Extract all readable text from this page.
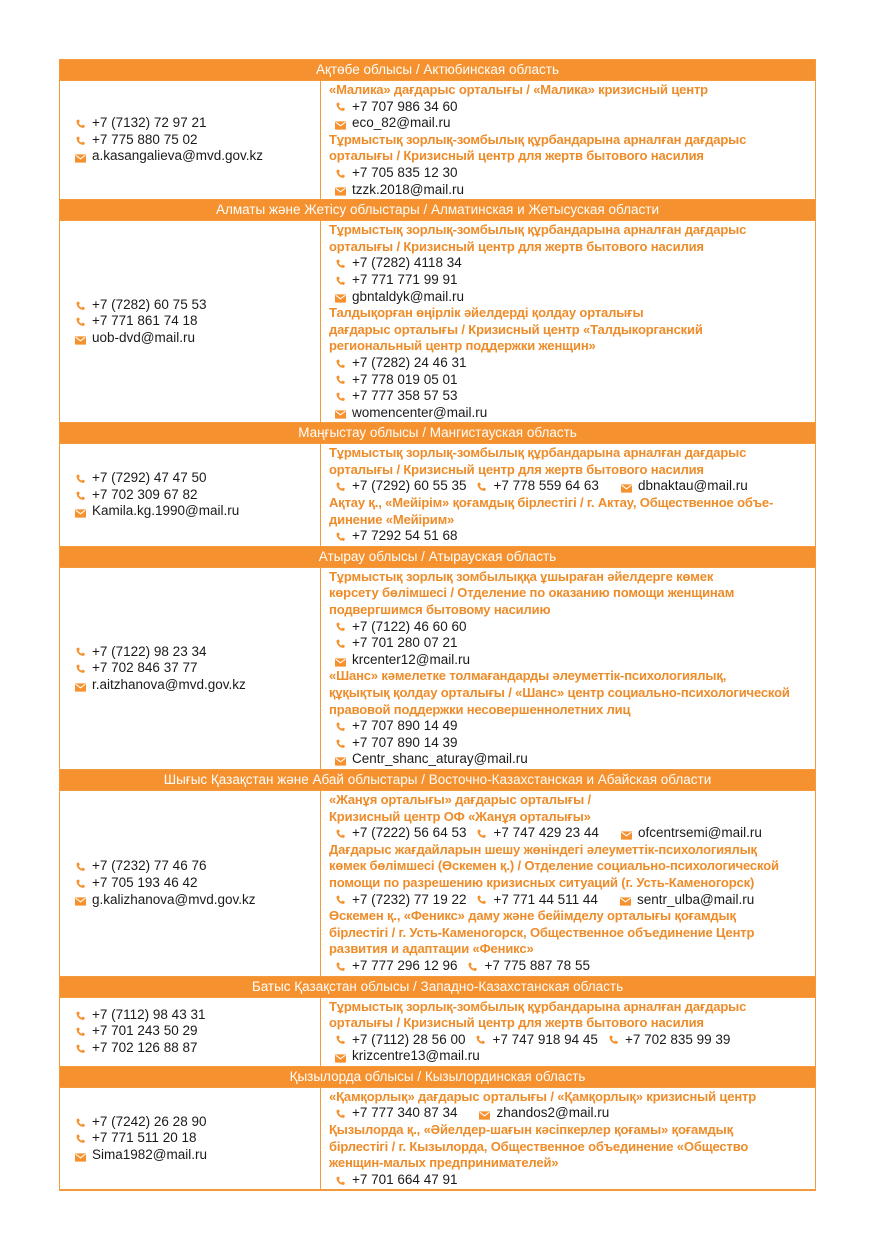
Ақтөбе облысы / Актюбинская область
+7 (7132) 72 97 21
+7 775 880 75 02
a.kasangalieva@mvd.gov.kz
«Малика» дағдарыс орталығы / «Малика» кризисный центр
+7 707 986 34 60
eco_82@mail.ru
Тұрмыстық зорлық-зомбылық құрбандарына арналған дағдарыс
орталығы / Кризисный центр для жертв бытового насилия
+7 705 835 12 30
tzzk.2018@mail.ru
Алматы және Жетісу облыстары / Алматинская и Жетысуская области
+7 (7282) 60 75 53
+7 771 861 74 18
uob-dvd@mail.ru
Тұрмыстық зорлық-зомбылық құрбандарына арналған дағдарыс
орталығы / Кризисный центр для жертв бытового насилия
+7 (7282) 4118 34
+7 771 771 99 91
gbntaldyk@mail.ru
Талдықорған өңірлік әйелдерді қолдау орталығы
дағдарыс орталығы / Кризисный центр «Талдыкорганский
региональный центр поддержки женщин»
+7 (7282) 24 46 31
+7 778 019 05 01
+7 777 358 57 53
womencenter@mail.ru
Маңғыстау облысы / Мангистауская область
+7 (7292) 47 47 50
+7 702 309 67 82
Kamila.kg.1990@mail.ru
Тұрмыстық зорлық-зомбылық құрбандарына арналған дағдарыс
орталығы / Кризисный центр для жертв бытового насилия
+7 (7292) 60 55 35 +7 778 559 64 63	dbnaktau@mail.ru
Ақтау қ., «Мейірім» қоғамдық бірлестігі / г. Актау, Общественное объе-
динение «Мейірим»
+7 7292 54 51 68
Атырау облысы / Атырауская область
+7 (7122) 98 23 34
+7 702 846 37 77
r.aitzhanova@mvd.gov.kz
Тұрмыстық зорлық зомбылыққа ұшыраған әйелдерге көмек
көрсету бөлімшесі / Отделение по оказанию помощи женщинам
подвергшимся бытовому насилию
+7 (7122) 46 60 60
+7 701 280 07 21
krcenter12@mail.ru
«Шанс» кәмелетке толмағандарды әлеуметтік-психологиялық,
құқықтық қолдау орталығы / «Шанс» центр социально-психологической
правовой поддержки несовершеннолетних лиц
+7 707 890 14 49
+7 707 890 14 39
Centr_shanc_aturay@mail.ru
Шығыс Қазақстан және Абай облыстары / Восточно-Казахстанская и Абайская области
+7 (7232) 77 46 76
+7 705 193 46 42
g.kalizhanova@mvd.gov.kz
«Жанұя орталығы» дағдарыс орталығы /
Кризисный центр ОФ «Жанұя орталығы»
+7 (7222) 56 64 53 +7 747 429 23 44	ofcentrsemi@mail.ru
Дағдарыс жағдайларын шешу жөніндегі әлеуметтік-психологиялық
көмек бөлімшесі (Өскемен қ.) / Отделение социально-психологической
помощи по разрешению кризисных ситуаций (г. Усть-Каменогорск)
+7 (7232) 77 19 22 +7 771 44 511 44	sentr_ulba@mail.ru
Өскемен қ., «Феникс» даму және бейімделу орталығы қоғамдық
бірлестігі / г. Усть-Каменогорск, Общественное объединение Центр
развития и адаптации «Феникс»
+7 777 296 12 96 +7 775 887 78 55
Батыс Қазақстан облысы / Западно-Казахстанская область
+7 (7112) 98 43 31
+7 701 243 50 29
+7 702 126 88 87
Тұрмыстық зорлық-зомбылық құрбандарына арналған дағдарыс
орталығы / Кризисный центр для жертв бытового насилия
+7 (7112) 28 56 00 +7 747 918 94 45 +7 702 835 99 39
krizcentre13@mail.ru
Қызылорда облысы / Кызылординская область
+7 (7242) 26 28 90
+7 771 511 20 18
Sima1982@mail.ru
«Қамқорлық» дағдарыс орталығы / «Қамқорлық» кризисный центр
+7 777 340 87 34	zhandos2@mail.ru
Қызылорда қ., «Әйелдер-шағын кәсіпкерлер қоғамы» қоғамдық
бірлестігі / г. Кызылорда, Общественное объединение «Общество
женщин-малых предпринимателей»
+7 701 664 47 91
